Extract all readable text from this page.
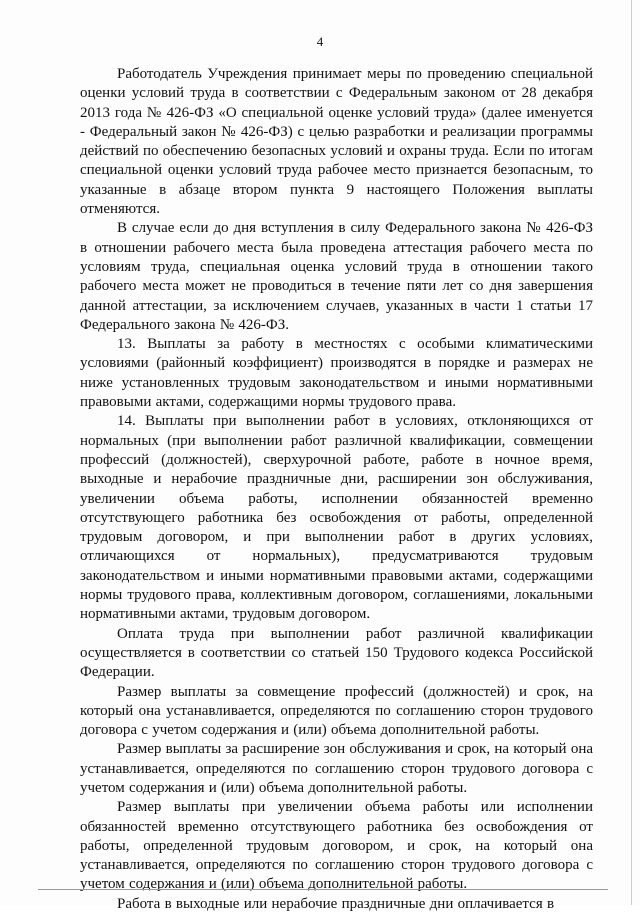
4

Работодатель Учреждения принимает меры по проведению специальной оценки условий труда в соответствии с Федеральным законом от 28 декабря 2013 года № 426-ФЗ «О специальной оценке условий труда» (далее именуется - Федеральный закон № 426-ФЗ) с целью разработки и реализации программы действий по обеспечению безопасных условий и охраны труда. Если по итогам специальной оценки условий труда рабочее место признается безопасным, то указанные в абзаце втором пункта 9 настоящего Положения выплаты отменяются.

В случае если до дня вступления в силу Федерального закона № 426-ФЗ в отношении рабочего места была проведена аттестация рабочего места по условиям труда, специальная оценка условий труда в отношении такого рабочего места может не проводиться в течение пяти лет со дня завершения данной аттестации, за исключением случаев, указанных в части 1 статьи 17 Федерального закона № 426-ФЗ.

13. Выплаты за работу в местностях с особыми климатическими условиями (районный коэффициент) производятся в порядке и размерах не ниже установленных трудовым законодательством и иными нормативными правовыми актами, содержащими нормы трудового права.

14. Выплаты при выполнении работ в условиях, отклоняющихся от нормальных (при выполнении работ различной квалификации, совмещении профессий (должностей), сверхурочной работе, работе в ночное время, выходные и нерабочие праздничные дни, расширении зон обслуживания, увеличении объема работы, исполнении обязанностей временно отсутствующего работника без освобождения от работы, определенной трудовым договором, и при выполнении работ в других условиях, отличающихся от нормальных), предусматриваются трудовым законодательством и иными нормативными правовыми актами, содержащими нормы трудового права, коллективным договором, соглашениями, локальными нормативными актами, трудовым договором.

Оплата труда при выполнении работ различной квалификации осуществляется в соответствии со статьей 150 Трудового кодекса Российской Федерации.

Размер выплаты за совмещение профессий (должностей) и срок, на который она устанавливается, определяются по соглашению сторон трудового договора с учетом содержания и (или) объема дополнительной работы.

Размер выплаты за расширение зон обслуживания и срок, на который она устанавливается, определяются по соглашению сторон трудового договора с учетом содержания и (или) объема дополнительной работы.

Размер выплаты при увеличении объема работы или исполнении обязанностей временно отсутствующего работника без освобождения от работы, определенной трудовым договором, и срок, на который она устанавливается, определяются по соглашению сторон трудового договора с учетом содержания и (или) объема дополнительной работы.

Работа в выходные или нерабочие праздничные дни оплачивается в
